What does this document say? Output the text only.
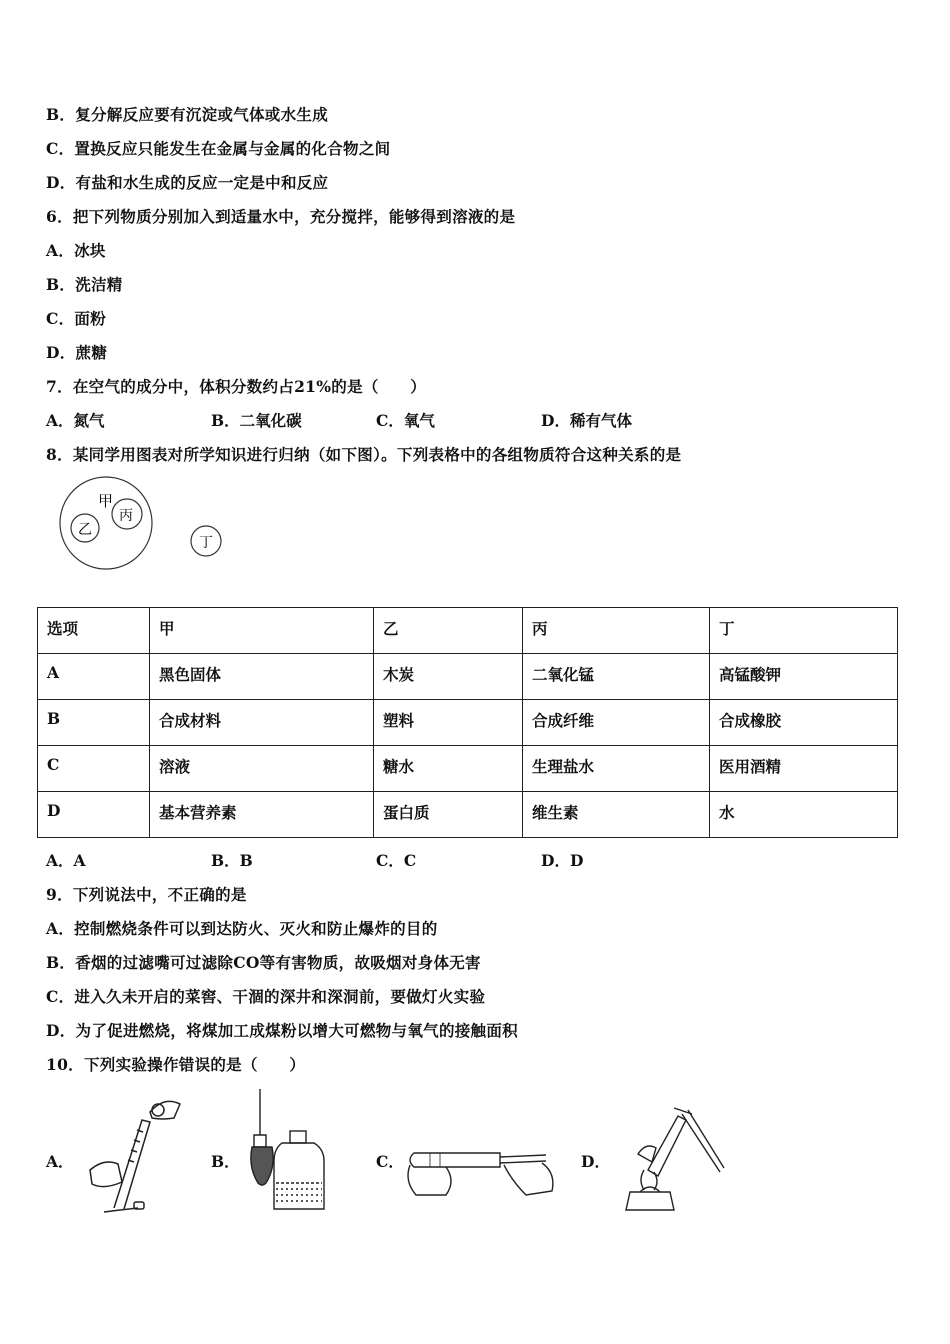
B．复分解反应要有沉淀或气体或水生成
C．置换反应只能发生在金属与金属的化合物之间
D．有盐和水生成的反应一定是中和反应
6．把下列物质分别加入到适量水中，充分搅拌，能够得到溶液的是
A．冰块
B．洗洁精
C．面粉
D．蔗糖
7．在空气的成分中，体积分数约占21%的是（　　）
A．氮气	B．二氧化碳	C．氧气	D．稀有气体
8．某同学用图表对所学知识进行归纳（如下图）。下列表格中的各组物质符合这种关系的是
甲
乙
丙
丁
选项	甲	乙	丙	丁
A	黑色固体	木炭	二氧化锰	高锰酸钾
B	合成材料	塑料	合成纤维	合成橡胶
C	溶液	糖水	生理盐水	医用酒精
D	基本营养素	蛋白质	维生素	水
A．A	B．B	C．C	D．D
9．下列说法中，不正确的是
A．控制燃烧条件可以到达防火、灭火和防止爆炸的目的
B．香烟的过滤嘴可过滤除CO等有害物质，故吸烟对身体无害
C．进入久未开启的菜窖、干涸的深井和深洞前，要做灯火实验
D．为了促进燃烧，将煤加工成煤粉以增大可燃物与氧气的接触面积
10．下列实验操作错误的是（　　）
A．	B．	C．	D．
